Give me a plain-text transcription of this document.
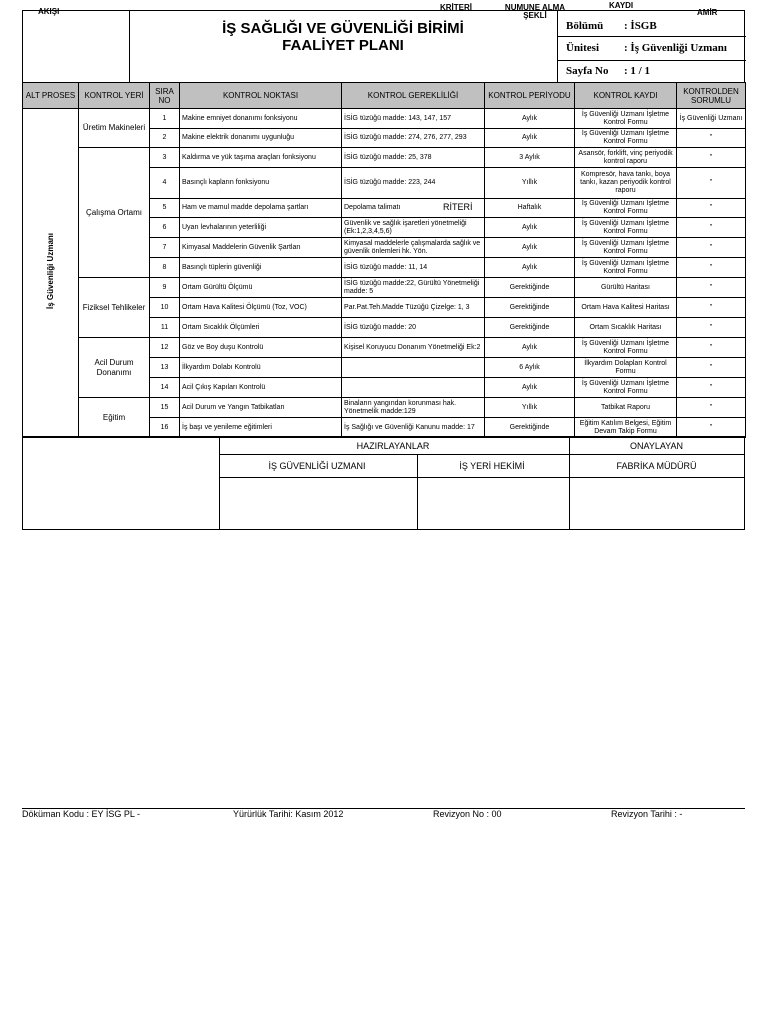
AKIŞI	KRİTERİ	NUMUNE ALMA ŞEKLİ
KAYDI
AMİR
İŞ SAĞLIĞI VE GÜVENLİĞİ BİRİMİ
FAALİYET PLANI
Bölümü : İSGB
Ünitesi : İş Güvenliği Uzmanı
Sayfa No : 1 / 1
ALT PROSES	KONTROL YERİ	SIRA NO	KONTROL NOKTASI	KONTROL GEREKLİLİĞİ	KONTROL PERİYODU	KONTROL KAYDI	KONTROLDEN SORUMLU
İş Güvenliği Uzmanı	Üretim Makineleri	1	Makine emniyet donanımı fonksiyonu	İSİG tüzüğü madde: 143, 147, 157	Aylık	İş Güvenliği Uzmanı İşletme Kontrol Formu	İş Güvenliği Uzmanı
		2	Makine elektrik donanımı uygunluğu	İSİG tüzüğü madde: 274, 276, 277, 293	Aylık	İş Güvenliği Uzmanı İşletme Kontrol Formu	"
	Çalışma Ortamı	3	Kaldırma ve yük taşıma araçları fonksiyonu	İSİG tüzüğü madde: 25, 378	3 Aylık	Asansör, forklift, vinç periyodik kontrol raporu	"
		4	Basınçlı kapların fonksiyonu	İSİG tüzüğü madde: 223, 244	Yıllık	Kompresör, hava tankı, boya tankı, kazan periyodik kontrol raporu	"
		5	Ham ve mamul madde depolama şartları	Depolama talimatı	Haftalık	İş Güvenliği Uzmanı İşletme Kontrol Formu	"
		6	Uyarı levhalarının yeterliliği	Güvenlik ve sağlık işaretleri yönetmeliği (Ek:1,2,3,4,5,6)	Aylık	İş Güvenliği Uzmanı İşletme Kontrol Formu	"
		7	Kimyasal Maddelerin Güvenlik Şartları	Kimyasal maddelerle çalışmalarda sağlık ve güvenlik önlemleri hk. Yön.	Aylık	İş Güvenliği Uzmanı İşletme Kontrol Formu	"
		8	Basınçlı tüplerin güvenliği	İSİG tüzüğü madde: 11, 14	Aylık	İş Güvenliği Uzmanı İşletme Kontrol Formu	"
	Fiziksel Tehlikeler	9	Ortam Gürültü Ölçümü	İSİG tüzüğü madde:22, Gürültü Yönetmeliği madde: 5	Gerektiğinde	Gürültü Haritası	"
		10	Ortam Hava Kalitesi Ölçümü (Toz, VOC)	Par.Pat.Teh.Madde Tüzüğü Çizelge: 1, 3	Gerektiğinde	Ortam Hava Kalitesi Haritası	"
		11	Ortam Sıcaklık Ölçümleri	İSİG tüzüğü madde: 20	Gerektiğinde	Ortam Sıcaklık Haritası	"
	Acil Durum Donanımı	12	Göz ve Boy duşu Kontrolü	Kişisel Koruyucu Donanım Yönetmeliği Ek:2	Aylık	İş Güvenliği Uzmanı İşletme Kontrol Formu	"
		13	İlkyardım Dolabı Kontrolü		6 Aylık	İlkyardım Dolapları Kontrol Formu	"
		14	Acil Çıkış Kapıları Kontrolü		Aylık	İş Güvenliği Uzmanı İşletme Kontrol Formu	"
	Eğitim	15	Acil Durum ve Yangın Tatbikatları	Binaların yangından korunması hak. Yönetmelik madde:129	Yıllık	Tatbikat Raporu	"
		16	İş başı ve yenileme eğitimleri	İş Sağlığı ve Güvenliği Kanunu madde: 17	Gerektiğinde	Eğitim Katılım Belgesi, Eğitim Devam Takip Formu	"
RİTERİ
HAZIRLAYANLAR	ONAYLAYAN
İŞ GÜVENLİĞİ UZMANI	İŞ YERİ HEKİMİ	FABRİKA MÜDÜRÜ
Döküman Kodu : EY İSG PL -	Yürürlük Tarihi: Kasım 2012	Revizyon No : 00	Revizyon Tarihi : -
